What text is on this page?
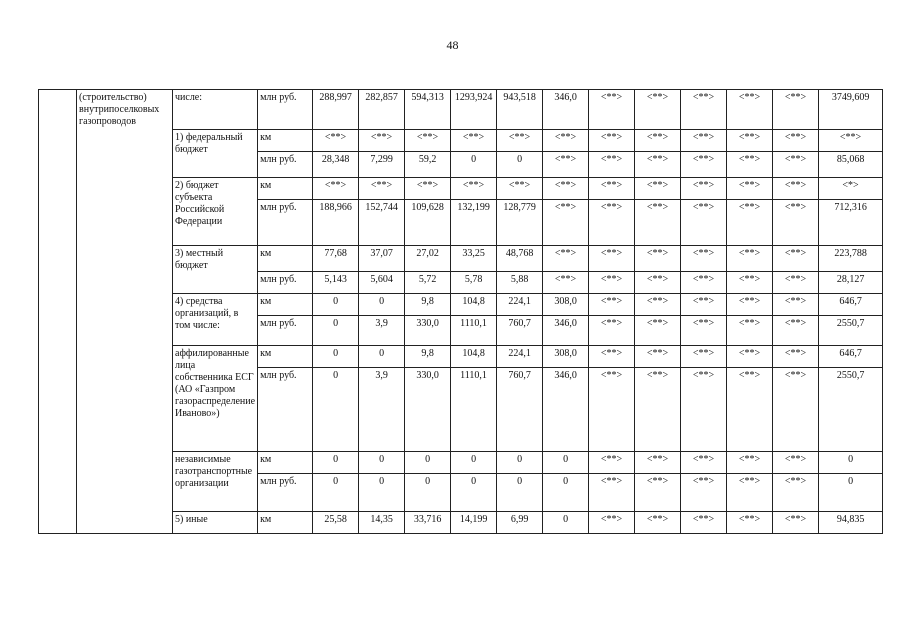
48
	(строительство) внутрипоселковых газопроводов	числе:	млн руб.	288,997	282,857	594,313	1293,924	943,518	346,0	<**>	<**>	<**>	<**>	<**>	3749,609
		1) федеральный бюджет	км	<**>	<**>	<**>	<**>	<**>	<**>	<**>	<**>	<**>	<**>	<**>	<**>
			млн руб.	28,348	7,299	59,2	0	0	<**>	<**>	<**>	<**>	<**>	<**>	85,068
		2) бюджет субъекта Российской Федерации	км	<**>	<**>	<**>	<**>	<**>	<**>	<**>	<**>	<**>	<**>	<**>	<*>
			млн руб.	188,966	152,744	109,628	132,199	128,779	<**>	<**>	<**>	<**>	<**>	<**>	712,316
		3) местный бюджет	км	77,68	37,07	27,02	33,25	48,768	<**>	<**>	<**>	<**>	<**>	<**>	223,788
			млн руб.	5,143	5,604	5,72	5,78	5,88	<**>	<**>	<**>	<**>	<**>	<**>	28,127
		4) средства организаций, в том числе:	км	0	0	9,8	104,8	224,1	308,0	<**>	<**>	<**>	<**>	<**>	646,7
			млн руб.	0	3,9	330,0	1110,1	760,7	346,0	<**>	<**>	<**>	<**>	<**>	2550,7
		аффилированные лица собственника ЕСГ (АО «Газпром газораспределение Иваново»)	км	0	0	9,8	104,8	224,1	308,0	<**>	<**>	<**>	<**>	<**>	646,7
			млн руб.	0	3,9	330,0	1110,1	760,7	346,0	<**>	<**>	<**>	<**>	<**>	2550,7
		независимые газотранспортные организации	км	0	0	0	0	0	0	<**>	<**>	<**>	<**>	<**>	0
			млн руб.	0	0	0	0	0	0	<**>	<**>	<**>	<**>	<**>	0
		5) иные	км	25,58	14,35	33,716	14,199	6,99	0	<**>	<**>	<**>	<**>	<**>	94,835
